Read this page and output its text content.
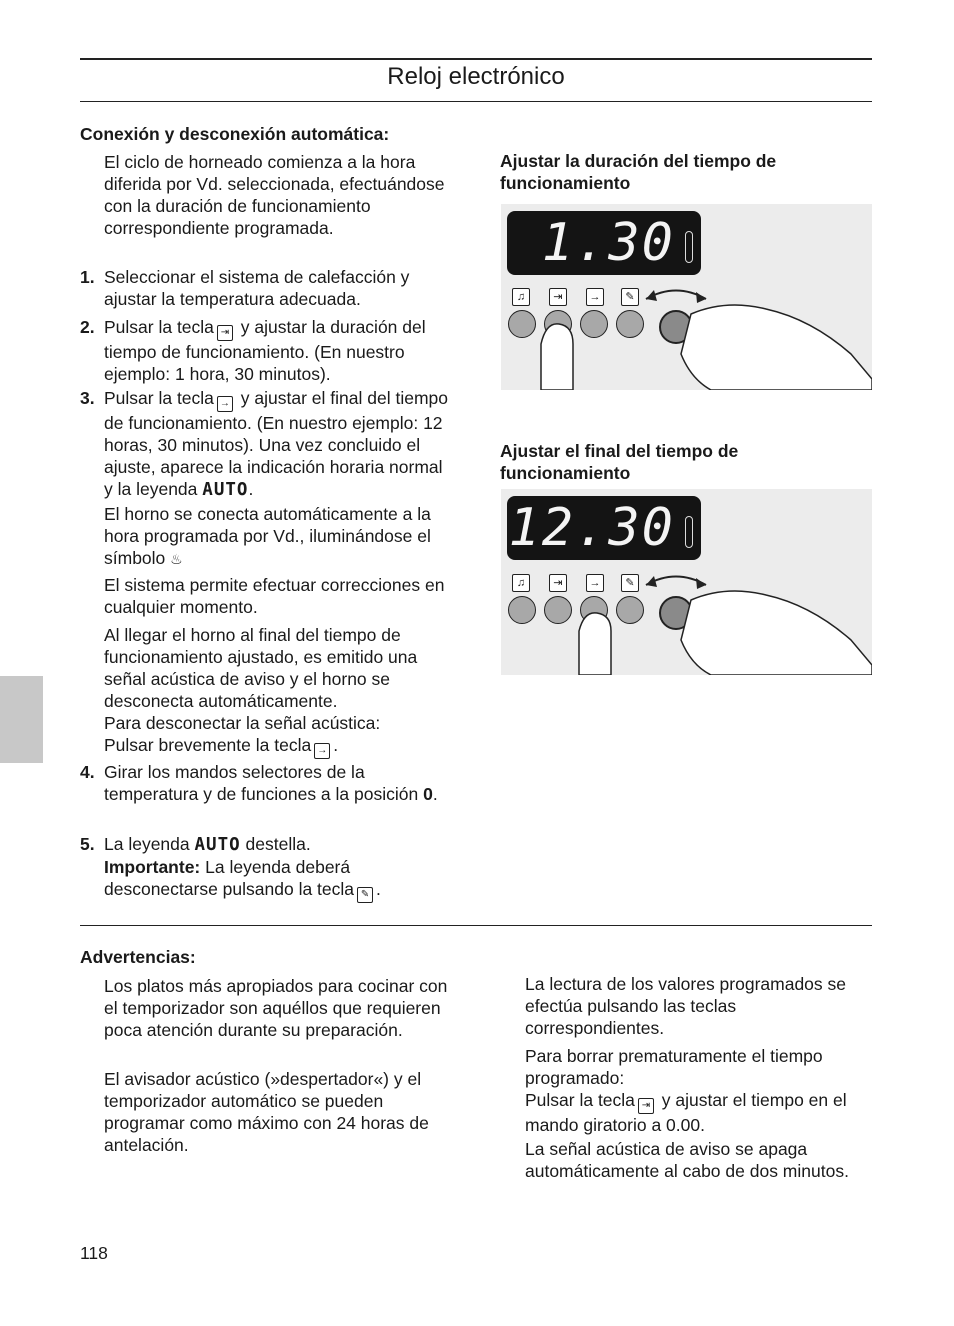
Reloj electrónico
Conexión y desconexión automática:
El ciclo de horneado comienza a la hora diferida por Vd. seleccionada, efectuándose con la duración de funcionamiento correspondiente programada.
1. Seleccionar el sistema de calefacción y ajustar la temperatura adecuada.
2. Pulsar la tecla ⇥ y ajustar la duración del tiempo de funcionamiento. (En nuestro ejemplo: 1 hora, 30 minutos).
3. Pulsar la tecla → y ajustar el final del tiempo de funcionamiento. (En nuestro ejemplo: 12 horas, 30 minutos). Una vez concluido el ajuste, aparece la indicación horaria normal y la leyenda AUTO.
El horno se conecta automáticamente a la hora programada por Vd., iluminándose el símbolo ♨
El sistema permite efectuar correcciones en cualquier momento.
Al llegar el horno al final del tiempo de funcionamiento ajustado, es emitido una señal acústica de aviso y el horno se desconecta automáticamente.
Para desconectar la señal acústica:
Pulsar brevemente la tecla → .
4. Girar los mandos selectores de la temperatura y de funciones a la posición 0.
5. La leyenda AUTO destella.
Importante: La leyenda deberá desconectarse pulsando la tecla ✎ .
Ajustar la duración del tiempo de funcionamiento
1.30
♫	⇥	→	✎
Ajustar el final del tiempo de funcionamiento
12.30
♫	⇥	→	✎
Advertencias:
Los platos más apropiados para cocinar con el temporizador son aquéllos que requieren poca atención durante su preparación.
El avisador acústico (»despertador«) y el temporizador automático se pueden programar como máximo con 24 horas de antelación.
La lectura de los valores programados se efectúa pulsando las teclas correspondientes.
Para borrar prematuramente el tiempo programado:
Pulsar la tecla ⇥ y ajustar el tiempo en el mando giratorio a 0.00.
La señal acústica de aviso se apaga automáticamente al cabo de dos minutos.
118
